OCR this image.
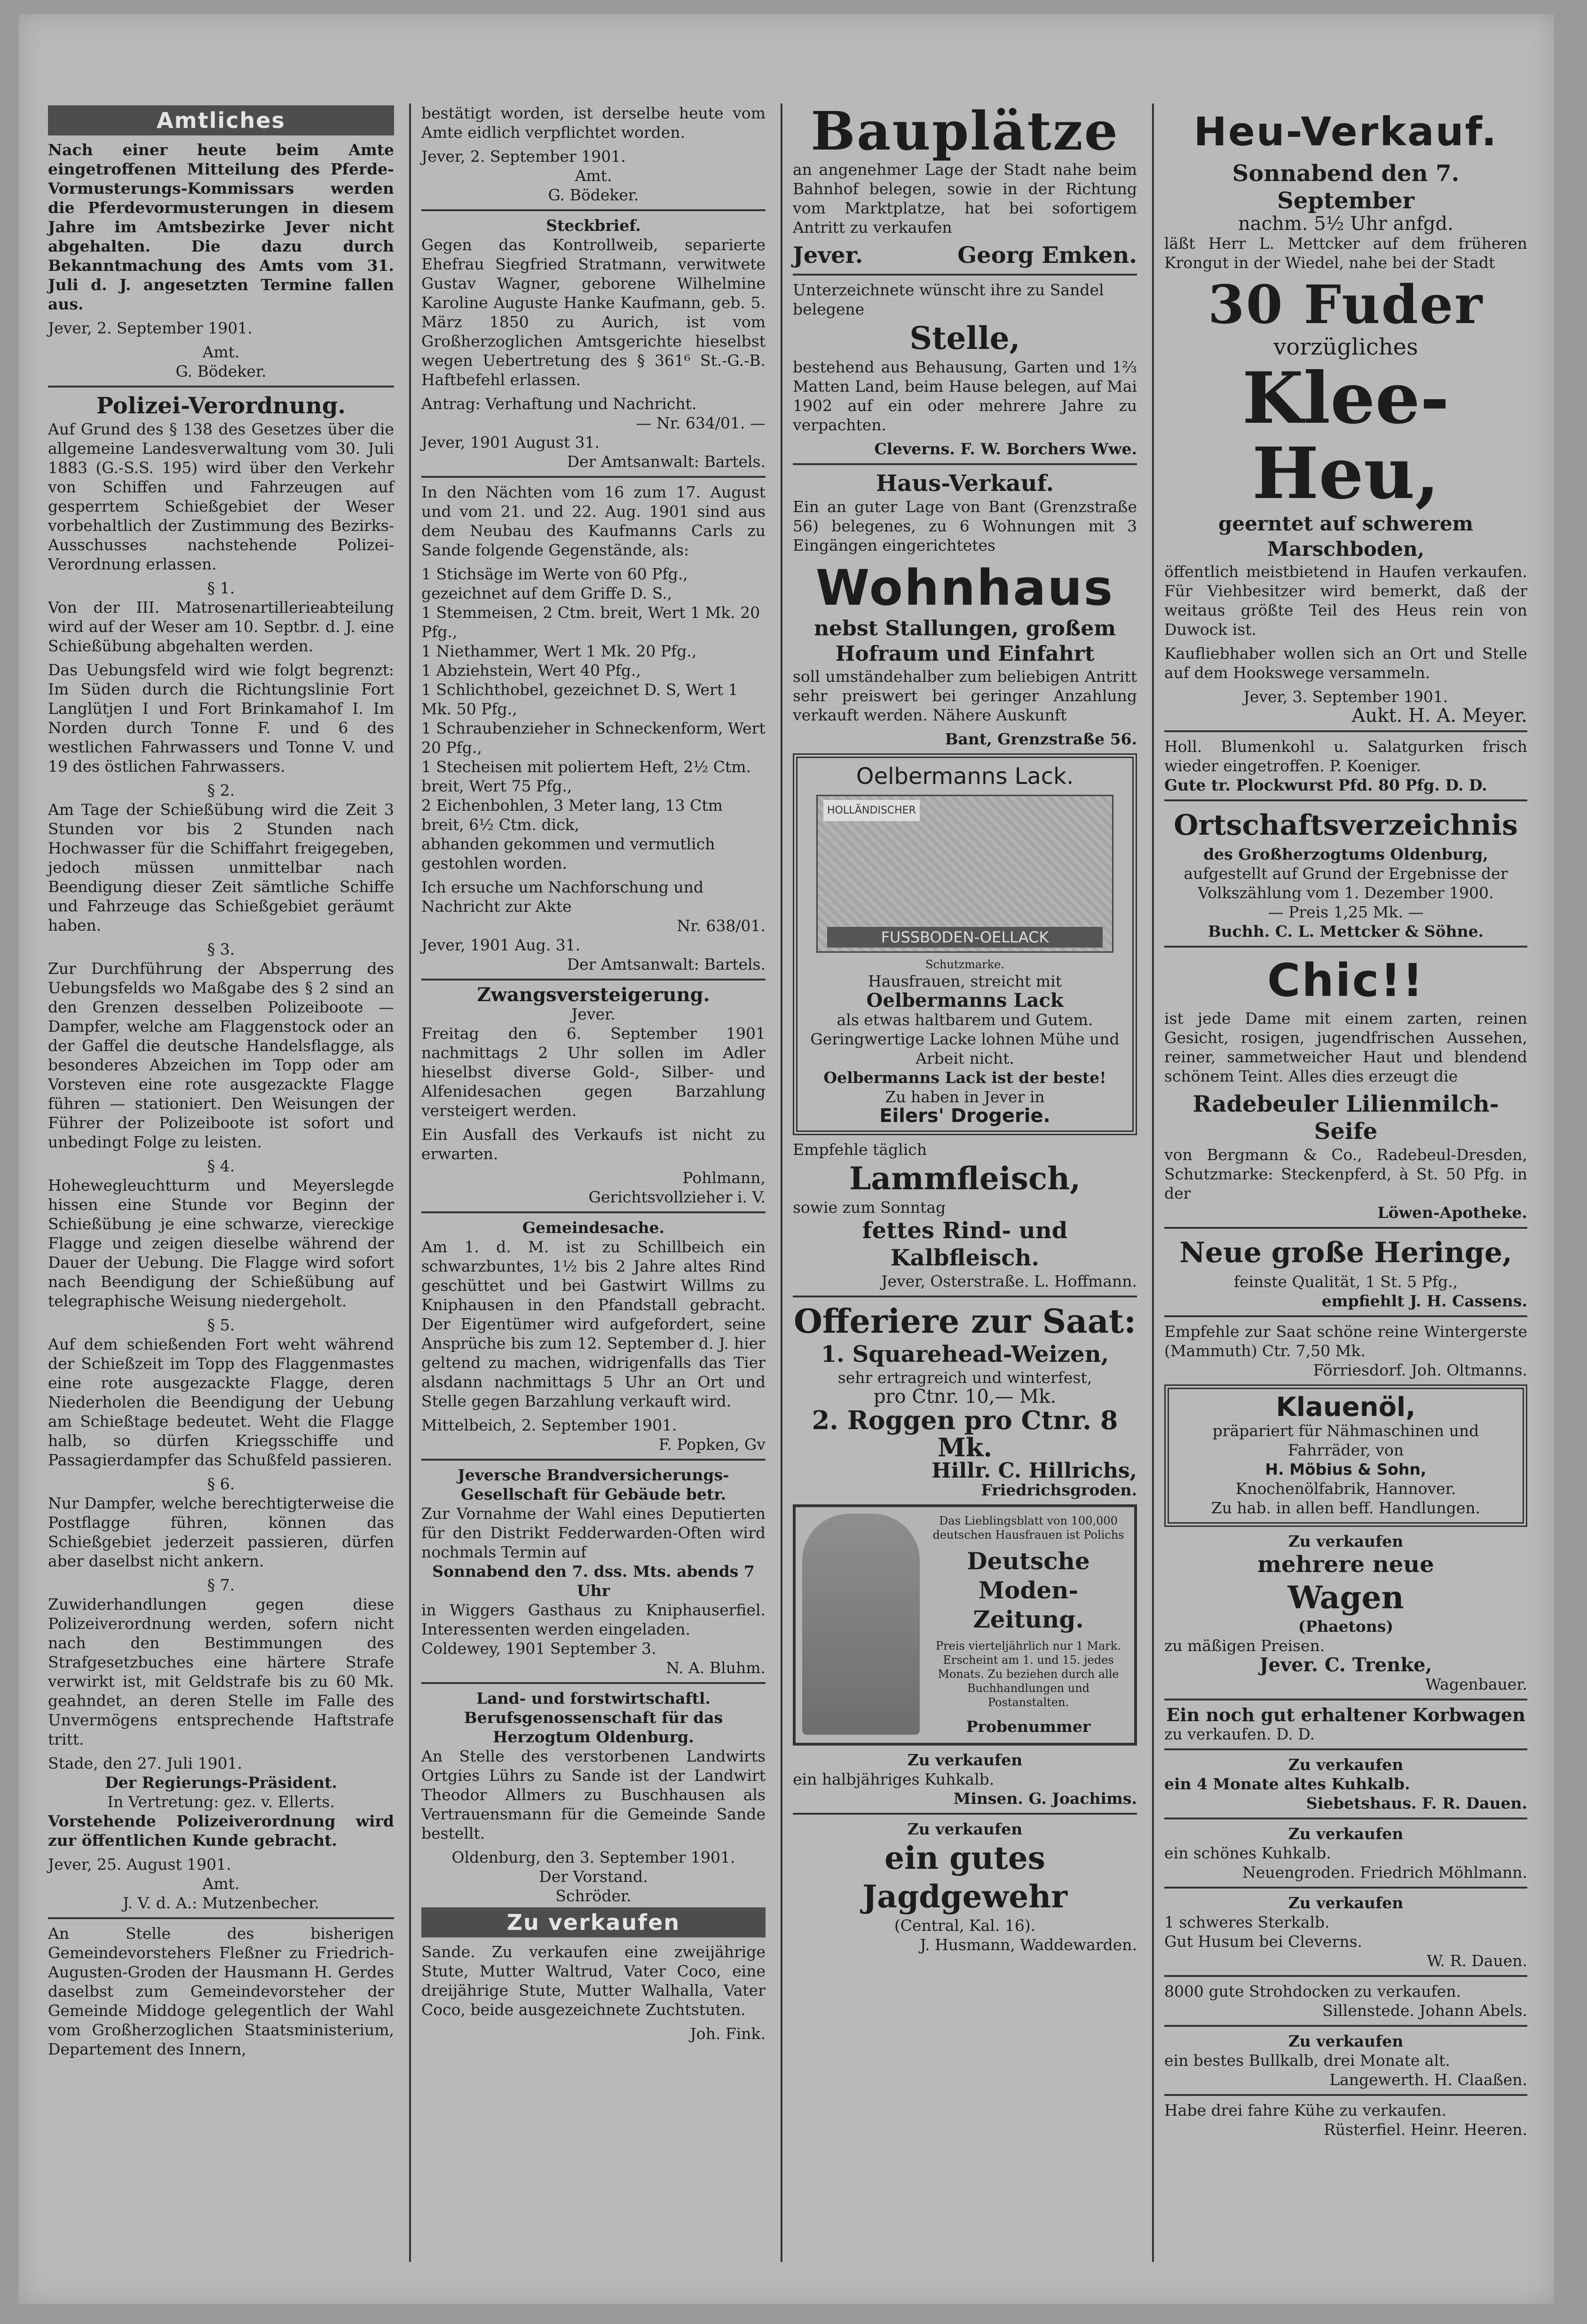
Amtliches
Nach einer heute beim Amte eingetroffenen Mitteilung des Pferde-Vormusterungs-Kommissars werden die Pferdevormusterungen in diesem Jahre im Amtsbezirke Jever nicht abgehalten. Die dazu durch Bekanntmachung des Amts vom 31. Juli d. J. angesetzten Termine fallen aus.
Jever, 2. September 1901.
Amt.
G. Bödeker.
Polizei-Verordnung.
Auf Grund des § 138 des Gesetzes über die allgemeine Landesverwaltung vom 30. Juli 1883 (G.-S.S. 195) wird über den Verkehr von Schiffen und Fahrzeugen auf gesperrtem Schießgebiet der Weser vorbehaltlich der Zustimmung des Bezirks-Ausschusses nachstehende Polizei-Verordnung erlassen.
§ 1.
Von der III. Matrosenartillerieabteilung wird auf der Weser am 10. Septbr. d. J. eine Schießübung abgehalten werden.
Das Uebungsfeld wird wie folgt begrenzt: Im Süden durch die Richtungslinie Fort Langlütjen I und Fort Brinkamahof I. Im Norden durch Tonne F. und 6 des westlichen Fahrwassers und Tonne V. und 19 des östlichen Fahrwassers.
§ 2.
Am Tage der Schießübung wird die Zeit 3 Stunden vor bis 2 Stunden nach Hochwasser für die Schiffahrt freigegeben, jedoch müssen unmittelbar nach Beendigung dieser Zeit sämtliche Schiffe und Fahrzeuge das Schießgebiet geräumt haben.
§ 3.
Zur Durchführung der Absperrung des Uebungsfelds wo Maßgabe des § 2 sind an den Grenzen desselben Polizeiboote — Dampfer, welche am Flaggenstock oder an der Gaffel die deutsche Handelsflagge, als besonderes Abzeichen im Topp oder am Vorsteven eine rote ausgezackte Flagge führen — stationiert. Den Weisungen der Führer der Polizeiboote ist sofort und unbedingt Folge zu leisten.
§ 4.
Hohewegleuchtturm und Meyerslegde hissen eine Stunde vor Beginn der Schießübung je eine schwarze, viereckige Flagge und zeigen dieselbe während der Dauer der Uebung. Die Flagge wird sofort nach Beendigung der Schießübung auf telegraphische Weisung niedergeholt.
§ 5.
Auf dem schießenden Fort weht während der Schießzeit im Topp des Flaggenmastes eine rote ausgezackte Flagge, deren Niederholen die Beendigung der Uebung am Schießtage bedeutet. Weht die Flagge halb, so dürfen Kriegsschiffe und Passagierdampfer das Schußfeld passieren.
§ 6.
Nur Dampfer, welche berechtigterweise die Postflagge führen, können das Schießgebiet jederzeit passieren, dürfen aber daselbst nicht ankern.
§ 7.
Zuwiderhandlungen gegen diese Polizeiverordnung werden, sofern nicht nach den Bestimmungen des Strafgesetzbuches eine härtere Strafe verwirkt ist, mit Geldstrafe bis zu 60 Mk. geahndet, an deren Stelle im Falle des Unvermögens entsprechende Haftstrafe tritt.
Stade, den 27. Juli 1901.
Der Regierungs-Präsident.
In Vertretung: gez. v. Ellerts.
Vorstehende Polizeiverordnung wird zur öffentlichen Kunde gebracht.
Jever, 25. August 1901.
Amt.
J. V. d. A.: Mutzenbecher.
An Stelle des bisherigen Gemeindevorstehers Fleßner zu Friedrich-Augusten-Groden der Hausmann H. Gerdes daselbst zum Gemeindevorsteher der Gemeinde Middoge gelegentlich der Wahl vom Großherzoglichen Staatsministerium, Departement des Innern,
bestätigt worden, ist derselbe heute vom Amte eidlich verpflichtet worden.
Jever, 2. September 1901.
Amt.
G. Bödeker.
Steckbrief.
Gegen das Kontrollweib, separierte Ehefrau Siegfried Stratmann, verwitwete Gustav Wagner, geborene Wilhelmine Karoline Auguste Hanke Kaufmann, geb. 5. März 1850 zu Aurich, ist vom Großherzoglichen Amtsgerichte hieselbst wegen Uebertretung des § 361⁶ St.-G.-B. Haftbefehl erlassen.
Antrag: Verhaftung und Nachricht.
— Nr. 634/01. —
Jever, 1901 August 31.
Der Amtsanwalt: Bartels.
In den Nächten vom 16 zum 17. August und vom 21. und 22. Aug. 1901 sind aus dem Neubau des Kaufmanns Carls zu Sande folgende Gegenstände, als:
1 Stichsäge im Werte von 60 Pfg., gezeichnet auf dem Griffe D. S.,
1 Stemmeisen, 2 Ctm. breit, Wert 1 Mk. 20 Pfg.,
1 Niethammer, Wert 1 Mk. 20 Pfg.,
1 Abziehstein, Wert 40 Pfg.,
1 Schlichthobel, gezeichnet D. S, Wert 1 Mk. 50 Pfg.,
1 Schraubenzieher in Schneckenform, Wert 20 Pfg.,
1 Stecheisen mit poliertem Heft, 2½ Ctm. breit, Wert 75 Pfg.,
2 Eichenbohlen, 3 Meter lang, 13 Ctm breit, 6½ Ctm. dick,
abhanden gekommen und vermutlich gestohlen worden.
Ich ersuche um Nachforschung und Nachricht zur Akte
Nr. 638/01.
Jever, 1901 Aug. 31.
Der Amtsanwalt: Bartels.
Zwangsversteigerung.
Jever.
Freitag den 6. September 1901 nachmittags 2 Uhr sollen im Adler hieselbst diverse Gold-, Silber- und Alfenidesachen gegen Barzahlung versteigert werden.
Ein Ausfall des Verkaufs ist nicht zu erwarten.
Pohlmann,
Gerichtsvollzieher i. V.
Gemeindesache.
Am 1. d. M. ist zu Schillbeich ein schwarzbuntes, 1½ bis 2 Jahre altes Rind geschüttet und bei Gastwirt Willms zu Kniphausen in den Pfandstall gebracht. Der Eigentümer wird aufgefordert, seine Ansprüche bis zum 12. September d. J. hier geltend zu machen, widrigenfalls das Tier alsdann nachmittags 5 Uhr an Ort und Stelle gegen Barzahlung verkauft wird.
Mittelbeich, 2. September 1901.
F. Popken, Gv
Jeversche Brandversicherungs-Gesellschaft für Gebäude betr.
Zur Vornahme der Wahl eines Deputierten für den Distrikt Fedderwarden-Often wird nochmals Termin auf
Sonnabend den 7. dss. Mts. abends 7 Uhr
in Wiggers Gasthaus zu Kniphauserfiel. Interessenten werden eingeladen.
Coldewey, 1901 September 3.
N. A. Bluhm.
Land- und forstwirtschaftl. Berufsgenossenschaft für das Herzogtum Oldenburg.
An Stelle des verstorbenen Landwirts Ortgies Lührs zu Sande ist der Landwirt Theodor Allmers zu Buschhausen als Vertrauensmann für die Gemeinde Sande bestellt.
Oldenburg, den 3. September 1901.
Der Vorstand.
Schröder.
Zu verkaufen
Sande. Zu verkaufen eine zweijährige Stute, Mutter Waltrud, Vater Coco, eine dreijährige Stute, Mutter Walhalla, Vater Coco, beide ausgezeichnete Zuchtstuten.
Joh. Fink.
Bauplätze
an angenehmer Lage der Stadt nahe beim Bahnhof belegen, sowie in der Richtung vom Marktplatze, hat bei sofortigem Antritt zu verkaufen
Jever.	Georg Emken.
Unterzeichnete wünscht ihre zu Sandel belegene
Stelle,
bestehend aus Behausung, Garten und 1⅔ Matten Land, beim Hause belegen, auf Mai 1902 auf ein oder mehrere Jahre zu verpachten.
Cleverns. F. W. Borchers Wwe.
Haus-Verkauf.
Ein an guter Lage von Bant (Grenzstraße 56) belegenes, zu 6 Wohnungen mit 3 Eingängen eingerichtetes
Wohnhaus
nebst Stallungen, großem Hofraum und Einfahrt
soll umständehalber zum beliebigen Antritt sehr preiswert bei geringer Anzahlung verkauft werden. Nähere Auskunft
Bant, Grenzstraße 56.
Oelbermanns Lack.
HOLLÄNDISCHER
FUSSBODEN-OELLACK
Schutzmarke.
Hausfrauen, streicht mit
Oelbermanns Lack
als etwas haltbarem und Gutem. Geringwertige Lacke lohnen Mühe und Arbeit nicht.
Oelbermanns Lack ist der beste!
Zu haben in Jever in
Eilers' Drogerie.
Empfehle täglich
Lammfleisch,
sowie zum Sonntag
fettes Rind- und Kalbfleisch.
Jever, Osterstraße. L. Hoffmann.
Offeriere zur Saat:
1. Squarehead-Weizen,
sehr ertragreich und winterfest,
pro Ctnr. 10,— Mk.
2. Roggen pro Ctnr. 8 Mk.
Hillr. C. Hillrichs,
Friedrichsgroden.
Das Lieblingsblatt von 100,000 deutschen Hausfrauen ist Polichs
Deutsche Moden-Zeitung.
Preis vierteljährlich nur 1 Mark.
Erscheint am 1. und 15. jedes Monats. Zu beziehen durch alle Buchhandlungen und Postanstalten.
Probenummer
Zu verkaufen
ein halbjähriges Kuhkalb.
Minsen. G. Joachims.
Zu verkaufen
ein gutes Jagdgewehr
(Central, Kal. 16).
J. Husmann, Waddewarden.
Heu-Verkauf.
Sonnabend den 7. September
nachm. 5½ Uhr anfgd.
läßt Herr L. Mettcker auf dem früheren Krongut in der Wiedel, nahe bei der Stadt
30 Fuder
vorzügliches
Klee-Heu,
geerntet auf schwerem Marschboden,
öffentlich meistbietend in Haufen verkaufen. Für Viehbesitzer wird bemerkt, daß der weitaus größte Teil des Heus rein von Duwock ist.
Kaufliebhaber wollen sich an Ort und Stelle auf dem Hookswege versammeln.
Jever, 3. September 1901.
Aukt. H. A. Meyer.
Holl. Blumenkohl u. Salatgurken frisch wieder eingetroffen. P. Koeniger.
Gute tr. Plockwurst Pfd. 80 Pfg. D. D.
Ortschaftsverzeichnis
des Großherzogtums Oldenburg,
aufgestellt auf Grund der Ergebnisse der Volkszählung vom 1. Dezember 1900.
— Preis 1,25 Mk. —
Buchh. C. L. Mettcker & Söhne.
Chic!!
ist jede Dame mit einem zarten, reinen Gesicht, rosigen, jugendfrischen Aussehen, reiner, sammetweicher Haut und blendend schönem Teint. Alles dies erzeugt die
Radebeuler Lilienmilch-Seife
von Bergmann & Co., Radebeul-Dresden, Schutzmarke: Steckenpferd, à St. 50 Pfg. in der
Löwen-Apotheke.
Neue große Heringe,
feinste Qualität, 1 St. 5 Pfg.,
empfiehlt J. H. Cassens.
Empfehle zur Saat schöne reine Wintergerste (Mammuth) Ctr. 7,50 Mk.
Förriesdorf. Joh. Oltmanns.
Klauenöl,
präpariert für Nähmaschinen und Fahrräder, von
H. Möbius & Sohn,
Knochenölfabrik, Hannover.
Zu hab. in allen beff. Handlungen.
Zu verkaufen
mehrere neue
Wagen
(Phaetons)
zu mäßigen Preisen.
Jever. C. Trenke,
Wagenbauer.
Ein noch gut erhaltener Korbwagen
zu verkaufen. D. D.
Zu verkaufen
ein 4 Monate altes Kuhkalb.
Siebetshaus. F. R. Dauen.
Zu verkaufen
ein schönes Kuhkalb.
Neuengroden. Friedrich Möhlmann.
Zu verkaufen
1 schweres Sterkalb.
Gut Husum bei Cleverns.
W. R. Dauen.
8000 gute Strohdocken zu verkaufen.
Sillenstede. Johann Abels.
Zu verkaufen
ein bestes Bullkalb, drei Monate alt.
Langewerth. H. Claaßen.
Habe drei fahre Kühe zu verkaufen.
Rüsterfiel. Heinr. Heeren.
